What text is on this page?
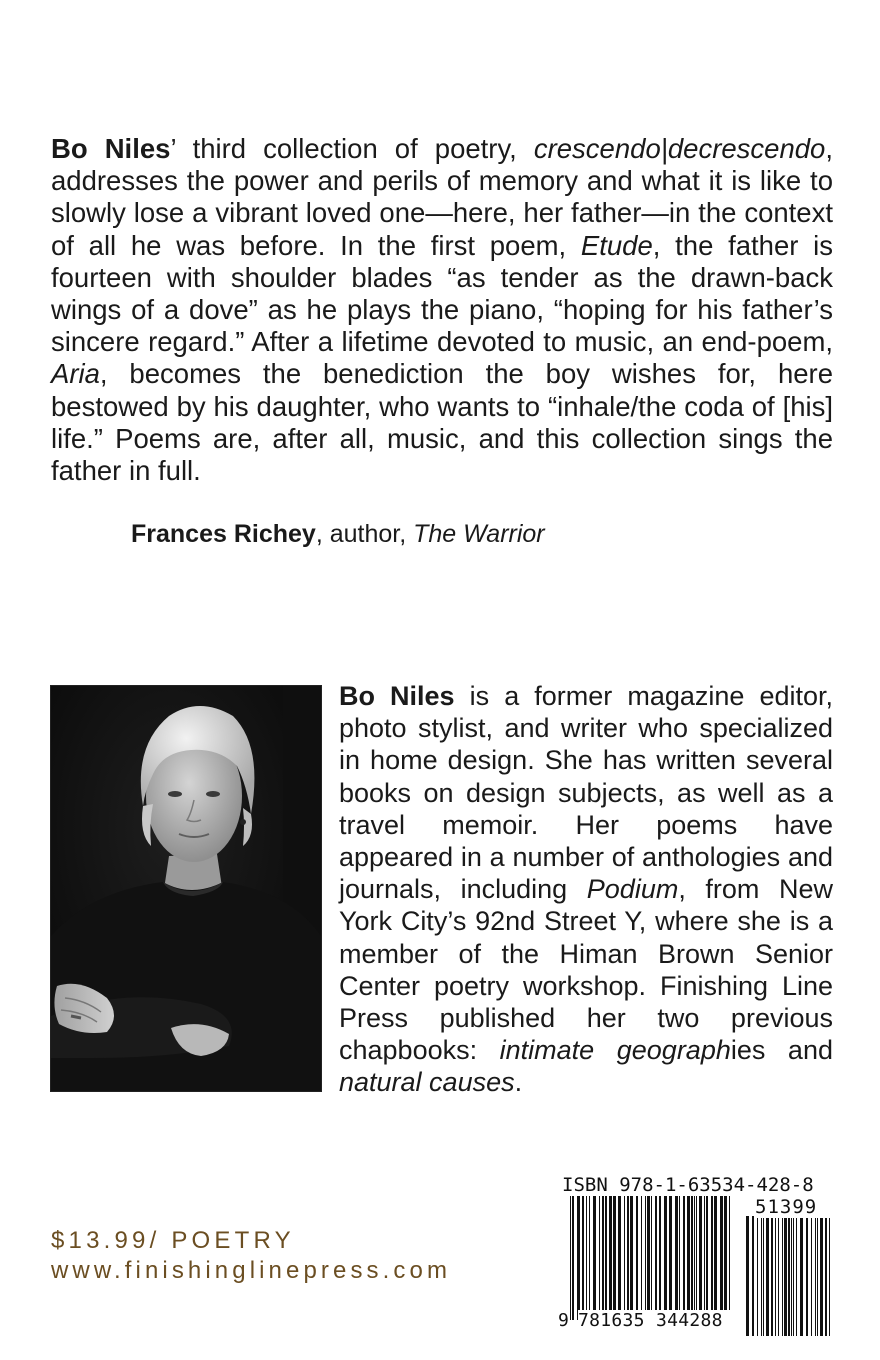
Bo Niles’ third collection of poetry, crescendo|decrescendo, addresses the power and perils of memory and what it is like to slowly lose a vibrant loved one—here, her father—in the context of all he was before. In the first poem, Etude, the father is fourteen with shoulder blades “as tender as the drawn-back wings of a dove” as he plays the piano, “hoping for his father’s sincere regard.” After a lifetime devoted to music, an end-poem, Aria, becomes the benediction the boy wishes for, here bestowed by his daughter, who wants to “inhale/the coda of [his] life.” Poems are, after all, music, and this collection sings the father in full.

Frances Richey, author, The Warrior

Bo Niles is a former magazine editor, photo stylist, and writer who specialized in home design. She has written several books on design subjects, as well as a travel memoir. Her poems have appeared in a number of anthologies and journals, including Podium, from New York City’s 92nd Street Y, where she is a member of the Himan Brown Senior Center poetry workshop. Finishing Line Press published her two previous chapbooks: intimate geographies and natural causes.

$13.99/ POETRY
www.finishinglinepress.com
ISBN 978-1-63534-428-8
51399
9 781635 344288
